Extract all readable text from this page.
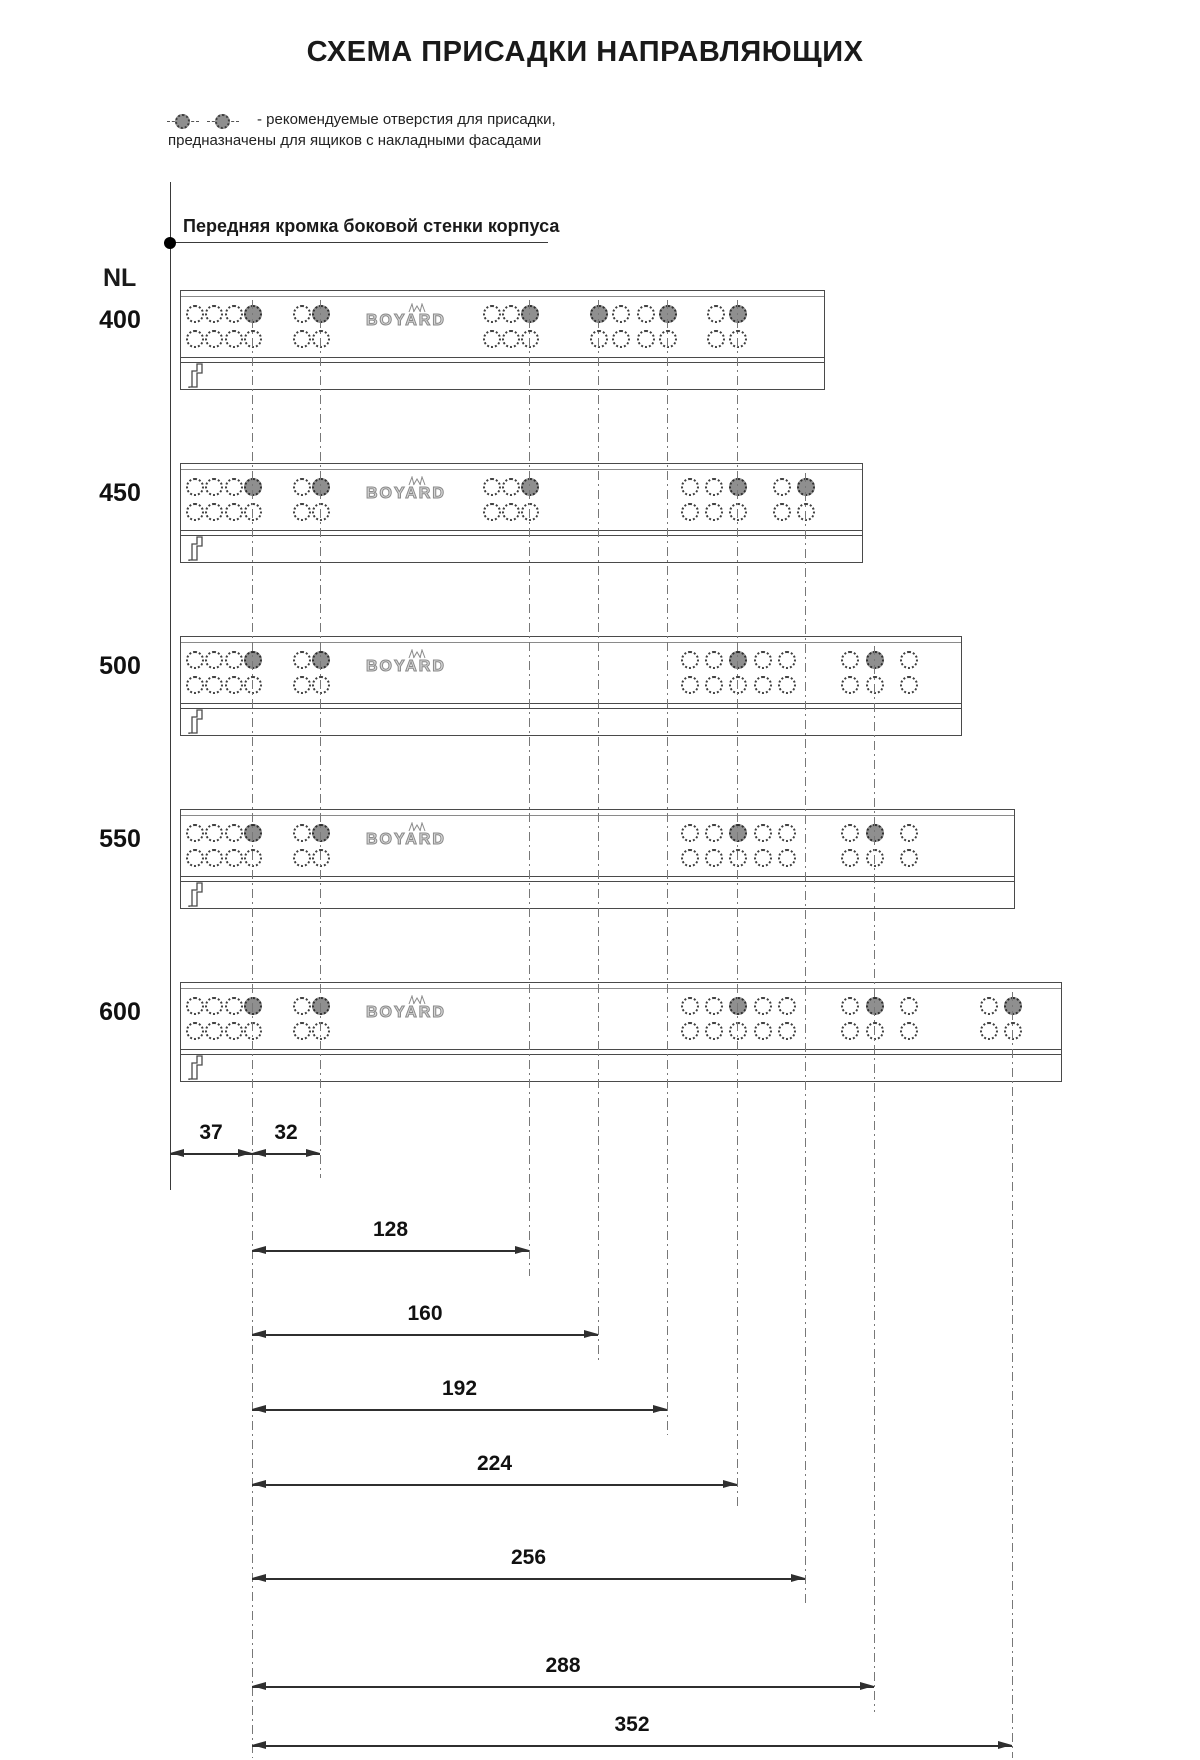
СХЕМА ПРИСАДКИ НАПРАВЛЯЮЩИХ
- рекомендуемые отверстия для присадки,
предназначены для ящиков с накладными фасадами
Передняя кромка боковой стенки корпуса
NL
BOYARD
400
BOYARD
450
BOYARD
500
BOYARD
550
BOYARD
600
37	32
128
160
192
224
256
288
352
